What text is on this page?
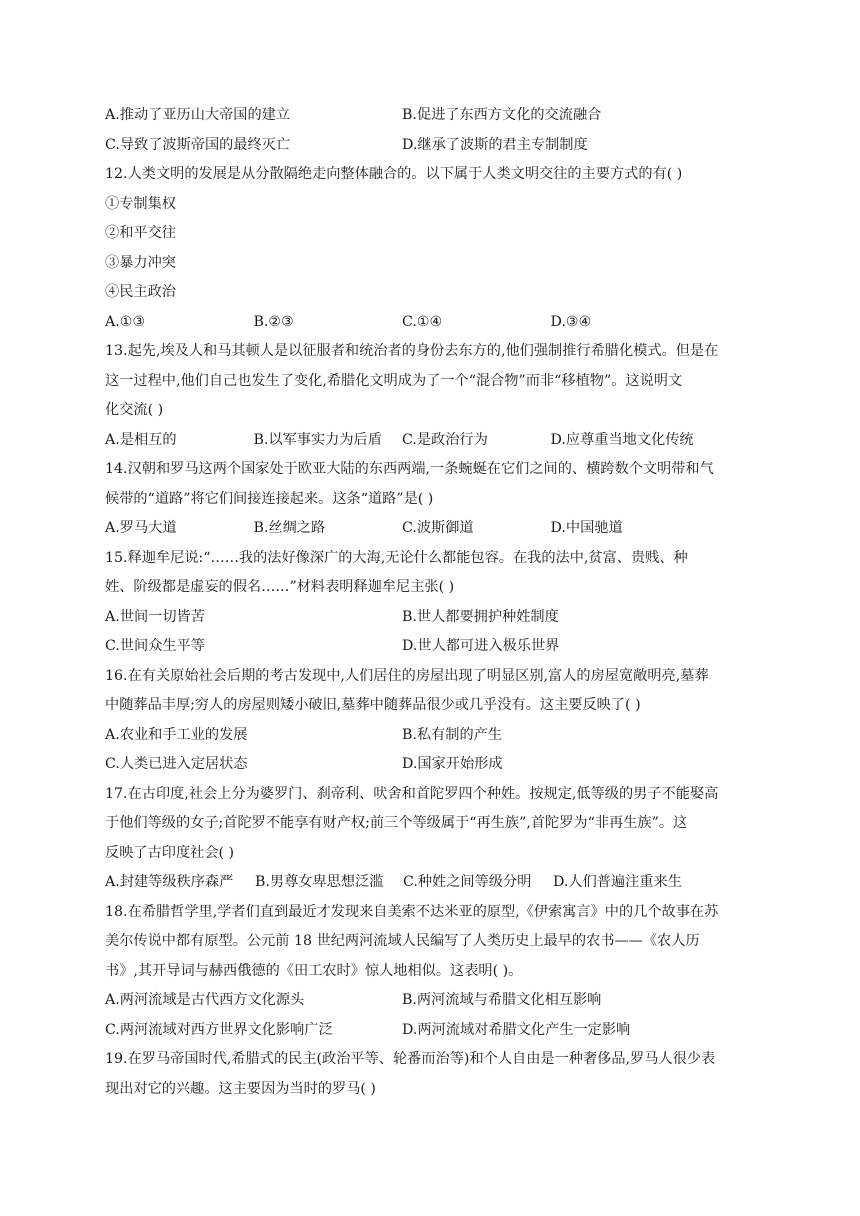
A.推动了亚历山大帝国的建立	B.促进了东西方文化的交流融合
C.导致了波斯帝国的最终灭亡	D.继承了波斯的君主专制制度
12.人类文明的发展是从分散隔绝走向整体融合的。以下属于人类文明交往的主要方式的有( )
①专制集权
②和平交往
③暴力冲突
④民主政治
A.①③	B.②③	C.①④	D.③④
13.起先,埃及人和马其顿人是以征服者和统治者的身份去东方的,他们强制推行希腊化模式。但是在
这一过程中,他们自己也发生了变化,希腊化文明成为了一个“混合物”而非“移植物”。这说明文
化交流( )
A.是相互的	B.以军事实力为后盾	C.是政治行为	D.应尊重当地文化传统
14.汉朝和罗马这两个国家处于欧亚大陆的东西两端,一条蜿蜒在它们之间的、横跨数个文明带和气
候带的“道路”将它们间接连接起来。这条“道路”是( )
A.罗马大道	B.丝绸之路	C.波斯御道	D.中国驰道
15.释迦牟尼说:“……我的法好像深广的大海,无论什么都能包容。在我的法中,贫富、贵贱、种
姓、阶级都是虚妄的假名……”材料表明释迦牟尼主张( )
A.世间一切皆苦	B.世人都要拥护种姓制度
C.世间众生平等	D.世人都可进入极乐世界
16.在有关原始社会后期的考古发现中,人们居住的房屋出现了明显区别,富人的房屋宽敞明亮,墓葬
中随葬品丰厚;穷人的房屋则矮小破旧,墓葬中随葬品很少或几乎没有。这主要反映了( )
A.农业和手工业的发展	B.私有制的产生
C.人类已进入定居状态	D.国家开始形成
17.在古印度,社会上分为婆罗门、刹帝利、吠舍和首陀罗四个种姓。按规定,低等级的男子不能娶高
于他们等级的女子;首陀罗不能享有财产权;前三个等级属于“再生族”,首陀罗为“非再生族”。这
反映了古印度社会( )
A.封建等级秩序森严	B.男尊女卑思想泛滥	C.种姓之间等级分明	D.人们普遍注重来生
18.在希腊哲学里,学者们直到最近才发现来自美索不达米亚的原型,《伊索寓言》中的几个故事在苏
美尔传说中都有原型。公元前 18 世纪两河流域人民编写了人类历史上最早的农书——《农人历
书》,其开导词与赫西俄德的《田工农时》惊人地相似。这表明( )。
A.两河流域是古代西方文化源头	B.两河流域与希腊文化相互影响
C.两河流域对西方世界文化影响广泛	D.两河流域对希腊文化产生一定影响
19.在罗马帝国时代,希腊式的民主(政治平等、轮番而治等)和个人自由是一种奢侈品,罗马人很少表
现出对它的兴趣。这主要因为当时的罗马( )
